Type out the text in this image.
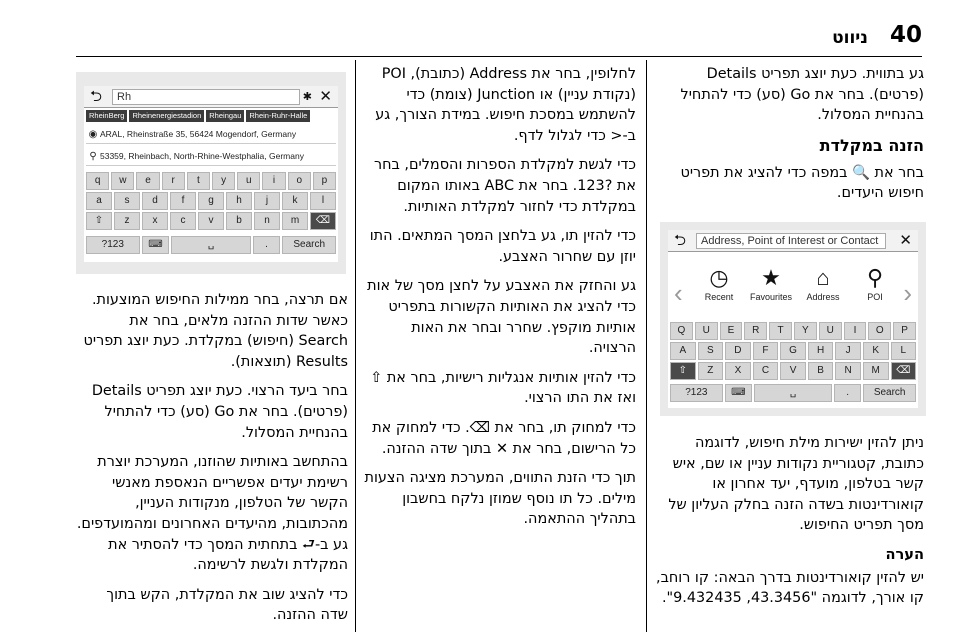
40
ניווט

גע בתווית. כעת יוצג תפריט Details (פרטים). בחר את Go (סע) כדי להתחיל בהנחיית המסלול.

הזנה במקלדת

בחר את 🔍 במפה כדי להציג את תפריט חיפוש היעדים.

ניתן להזין ישירות מילת חיפוש, לדוגמה כתובת, קטגוריית נקודות עניין או שם, איש קשר בטלפון, מועדף, יעד אחרון או קואורדינטות בשדה הזנה בחלק העליון של מסך תפריט החיפוש.

הערה

יש להזין קואורדינטות בדרך הבאה: קו רוחב, קו אורך, לדוגמה "43.3456, 9.432435".

⮌	Address, Point of Interest or Contact	✕
‹
◷
Recent
★
Favourites
⌂
Address
⚲
POI ›
Q	U	E	R	T	Y	U	I	O	P
A	S	D	F	G	H	J	K	L
⇧	Z	X	C	V	B	N	M	⌫
?123	⌨	␣	.	Search

לחלופין, בחר את Address (כתובת), POI (נקודת עניין) או Junction (צומת) כדי להשתמש במסכת חיפוש. במידת הצורך, גע ב-< כדי לגלול לדף.

כדי לגשת למקלדת הספרות והסמלים, בחר את ?123. בחר את ABC באותו המקום במקלדת כדי לחזור למקלדת האותיות.

כדי להזין תו, גע בלחצן המסך המתאים. התו יוזן עם שחרור האצבע.

גע והחזק את האצבע על לחצן מסך של אות כדי להציג את האותיות הקשורות בתפריט אותיות מוקפץ. שחרר ובחר את האות הרצויה.

כדי להזין אותיות אנגליות רישיות, בחר את ⇧ ואז את התו הרצוי.

כדי למחוק תו, בחר את ⌫. כדי למחוק את כל הרישום, בחר את ✕ בתוך שדה ההזנה.

תוך כדי הזנת התווים, המערכת מציגה הצעות מילים. כל תו נוסף שמוזן נלקח בחשבון בתהליך ההתאמה.

⮌	Rh	✱ ✕
RheinBerg	Rheinenergiestadion	Rheingau	Rhein-Ruhr-Halle
◉ ARAL, Rheinstraße 35, 56424 Mogendorf, Germany
⚲ 53359, Rheinbach, North-Rhine-Westphalia, Germany
q	w	e	r	t	y	u	i	o	p
a	s	d	f	g	h	j	k	l
⇧	z	x	c	v	b	n	m	⌫
?123	⌨	␣	.	Search

אם תרצה, בחר ממילות החיפוש המוצעות. כאשר שדות ההזנה מלאים, בחר את Search (חיפוש) במקלדת. כעת יוצג תפריט Results (תוצאות).

בחר ביעד הרצוי. כעת יוצג תפריט Details (פרטים). בחר את Go (סע) כדי להתחיל בהנחיית המסלול.

בהתחשב באותיות שהוזנו, המערכת יוצרת רשימת יעדים אפשריים הנאספת מאנשי הקשר של הטלפון, מנקודות העניין, מהכתובות, מהיעדים האחרונים ומהמועדפים. גע ב-⮐ בתחתית המסך כדי להסתיר את המקלדת ולגשת לרשימה.

כדי להציג שוב את המקלדת, הקש בתוך שדה ההזנה.
